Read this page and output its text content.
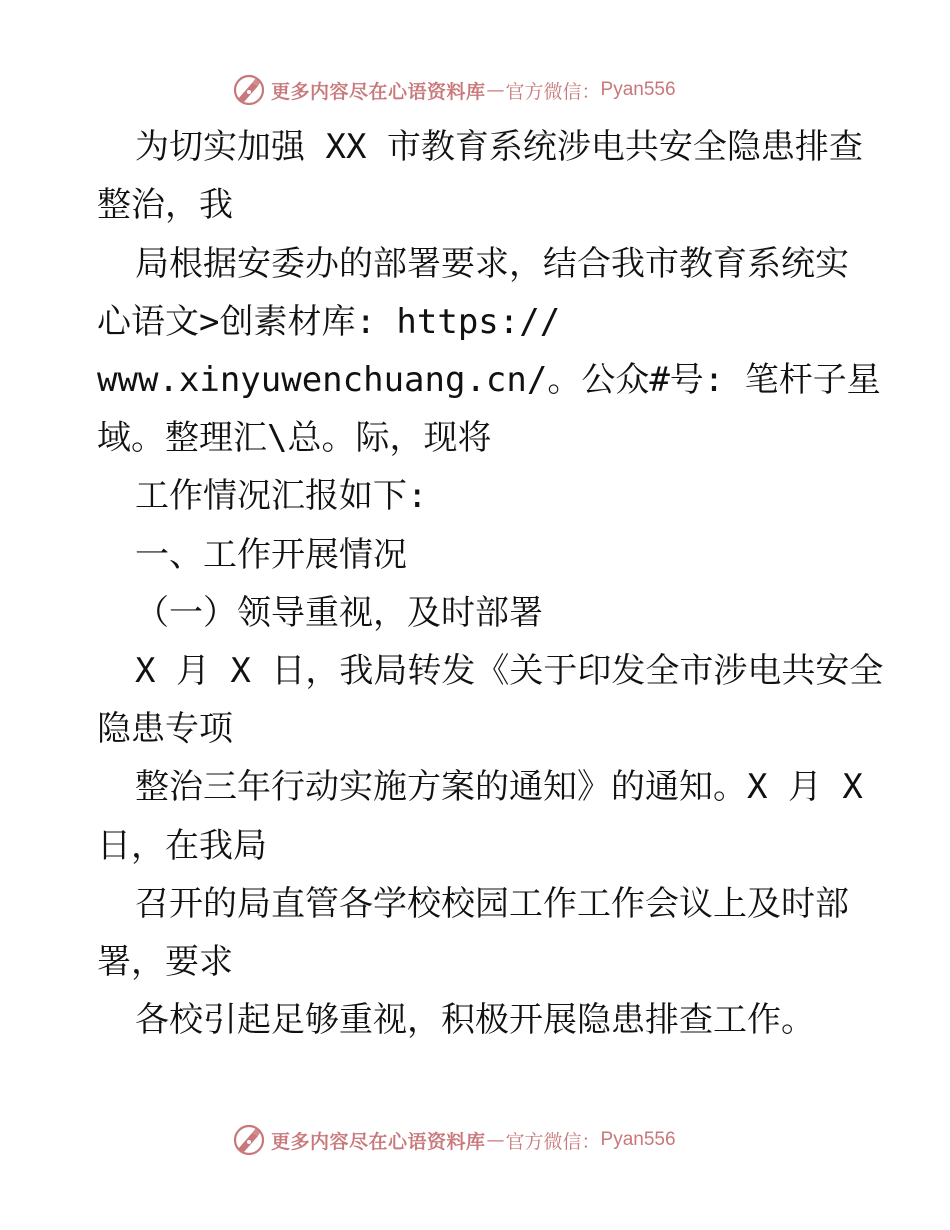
更多内容尽在心语资料库 — 官方微信： Pyan556

为切实加强 XX 市教育系统涉电共安全隐患排查

整治，我

局根据安委办的部署要求，结合我市教育系统实

心语文>创素材库: https://

www.xinyuwenchuang.cn/。公众#号: 笔杆子星

域。整理汇\总。际，现将

工作情况汇报如下:

一、工作开展情况

（一）领导重视，及时部署

X 月 X 日，我局转发《关于印发全市涉电共安全

隐患专项

整治三年行动实施方案的通知》的通知。X 月 X

日，在我局

召开的局直管各学校校园工作工作会议上及时部

署，要求

各校引起足够重视，积极开展隐患排查工作。

更多内容尽在心语资料库 — 官方微信： Pyan556
